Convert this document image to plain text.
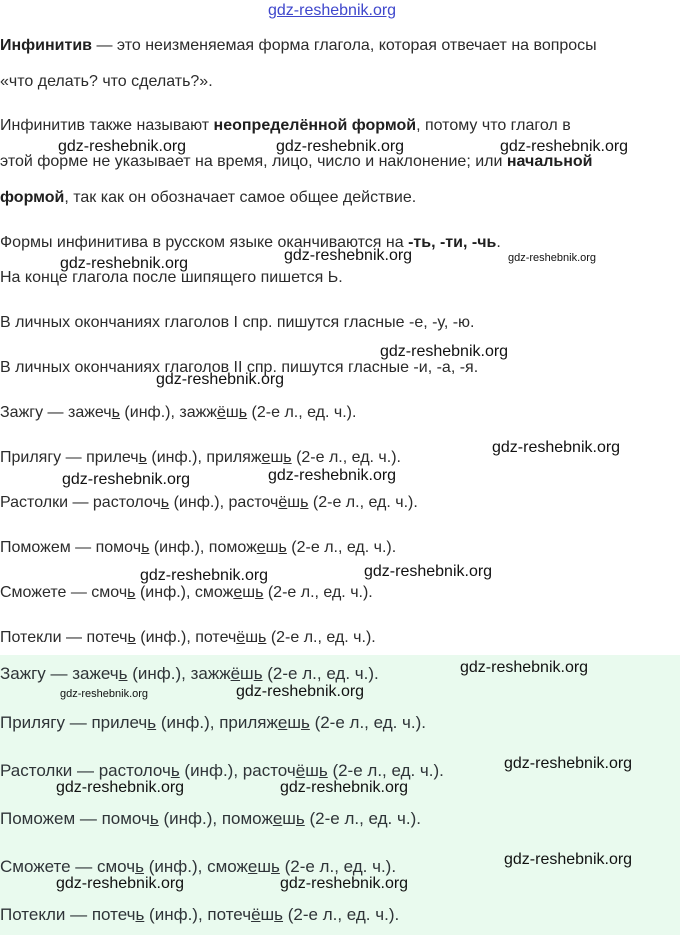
gdz-reshebnik.org
Инфинитив — это неизменяемая форма глагола, которая отвечает на вопросы
«что делать? что сделать?».
Инфинитив также называют неопределённой формой, потому что глагол в
этой форме не указывает на время, лицо, число и наклонение; или начальной
формой, так как он обозначает самое общее действие.
Формы инфинитива в русском языке оканчиваются на -ть, -ти, -чь.
На конце глагола после шипящего пишется Ь.
В личных окончаниях глаголов I спр. пишутся гласные -е, -у, -ю.
В личных окончаниях глаголов II спр. пишутся гласные -и, -а, -я.
Зажгу — зажечь (инф.), зажжёшь (2-е л., ед. ч.).
Прилягу — прилечь (инф.), приляжешь (2-е л., ед. ч.).
Растолки — растолочь (инф.), расточёшь (2-е л., ед. ч.).
Поможем — помочь (инф.), поможешь (2-е л., ед. ч.).
Сможете — смочь (инф.), сможешь (2-е л., ед. ч.).
Потекли — потечь (инф.), потечёшь (2-е л., ед. ч.).
Зажгу — зажечь (инф.), зажжёшь (2-е л., ед. ч.).
Прилягу — прилечь (инф.), приляжешь (2-е л., ед. ч.).
Растолки — растолочь (инф.), расточёшь (2-е л., ед. ч.).
Поможем — помочь (инф.), поможешь (2-е л., ед. ч.).
Сможете — смочь (инф.), сможешь (2-е л., ед. ч.).
Потекли — потечь (инф.), потечёшь (2-е л., ед. ч.).
gdz-reshebnik.org	gdz-reshebnik.org	gdz-reshebnik.org
gdz-reshebnik.org
gdz-reshebnik.org	gdz-reshebnik.org
gdz-reshebnik.org
gdz-reshebnik.org
gdz-reshebnik.org
gdz-reshebnik.org	gdz-reshebnik.org
gdz-reshebnik.org	gdz-reshebnik.org
gdz-reshebnik.org
gdz-reshebnik.org	gdz-reshebnik.org
gdz-reshebnik.org
gdz-reshebnik.org	gdz-reshebnik.org
gdz-reshebnik.org
gdz-reshebnik.org	gdz-reshebnik.org
